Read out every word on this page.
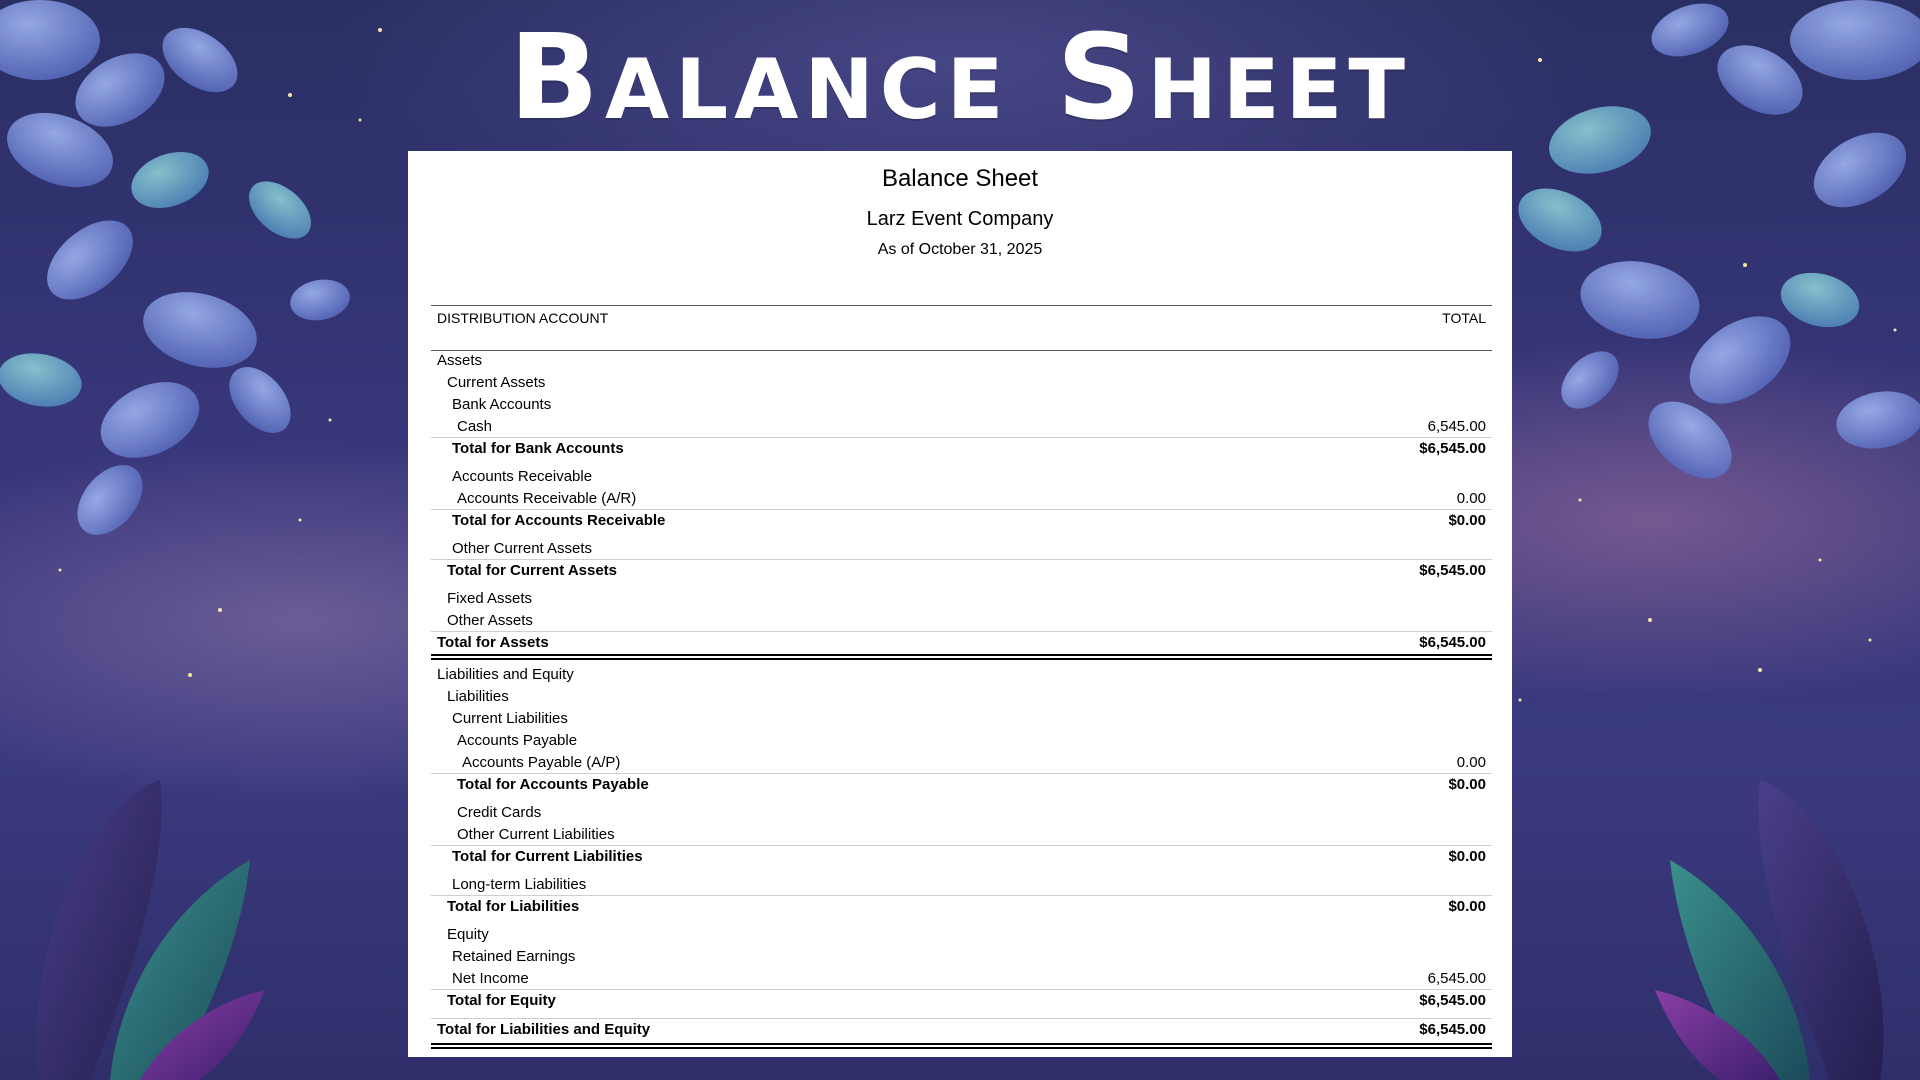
Balance Sheet
Balance Sheet
Larz Event Company
As of October 31, 2025
DISTRIBUTION ACCOUNT	TOTAL
Assets
Current Assets
Bank Accounts
Cash	6,545.00
Total for Bank Accounts	$6,545.00
Accounts Receivable
Accounts Receivable (A/R)	0.00
Total for Accounts Receivable	$0.00
Other Current Assets
Total for Current Assets	$6,545.00
Fixed Assets
Other Assets
Total for Assets	$6,545.00
Liabilities and Equity
Liabilities
Current Liabilities
Accounts Payable
Accounts Payable (A/P)	0.00
Total for Accounts Payable	$0.00
Credit Cards
Other Current Liabilities
Total for Current Liabilities	$0.00
Long-term Liabilities
Total for Liabilities	$0.00
Equity
Retained Earnings
Net Income	6,545.00
Total for Equity	$6,545.00
Total for Liabilities and Equity	$6,545.00
